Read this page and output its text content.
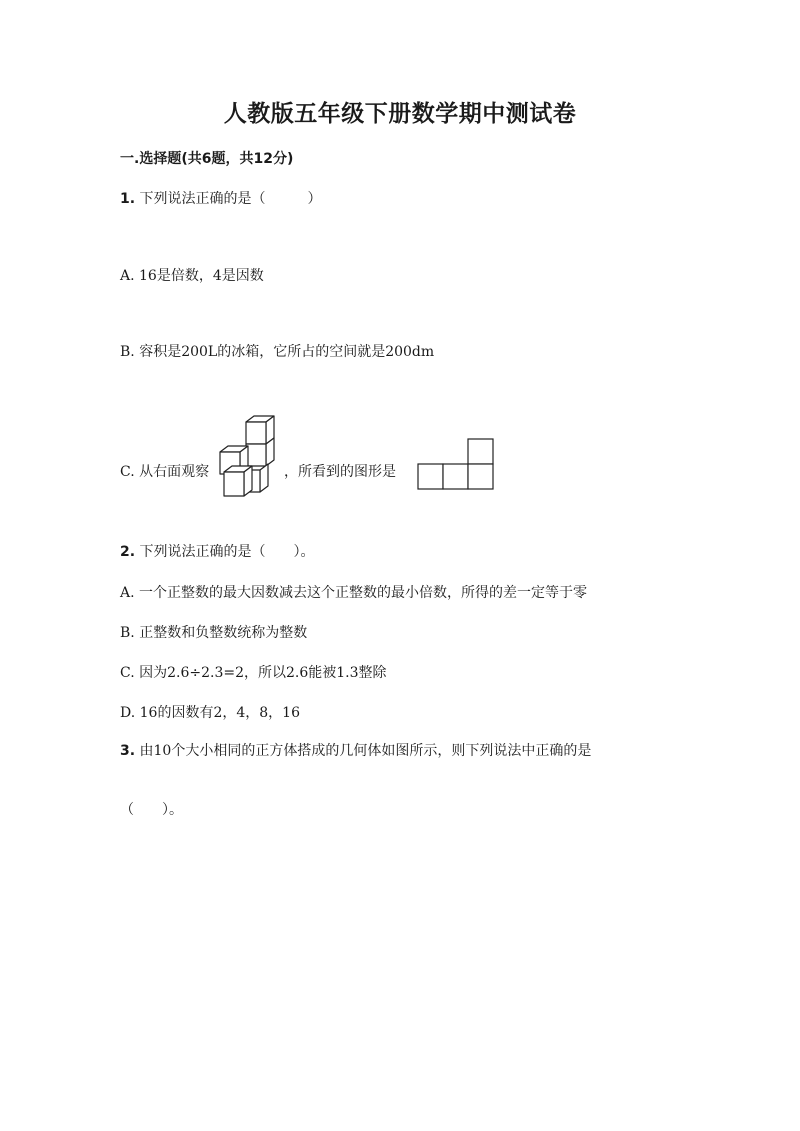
人教版五年级下册数学期中测试卷
一.选择题(共6题，共12分)
1. 下列说法正确的是（　　　）
A. 16是倍数，4是因数
B. 容积是200L的冰箱，它所占的空间就是200dm
C. 从右面观察	，所看到的图形是
2. 下列说法正确的是（　　）。
A. 一个正整数的最大因数减去这个正整数的最小倍数，所得的差一定等于零
B. 正整数和负整数统称为整数
C. 因为2.6÷2.3=2，所以2.6能被1.3整除
D. 16的因数有2，4，8，16
3. 由10个大小相同的正方体搭成的几何体如图所示，则下列说法中正确的是
（　　）。
